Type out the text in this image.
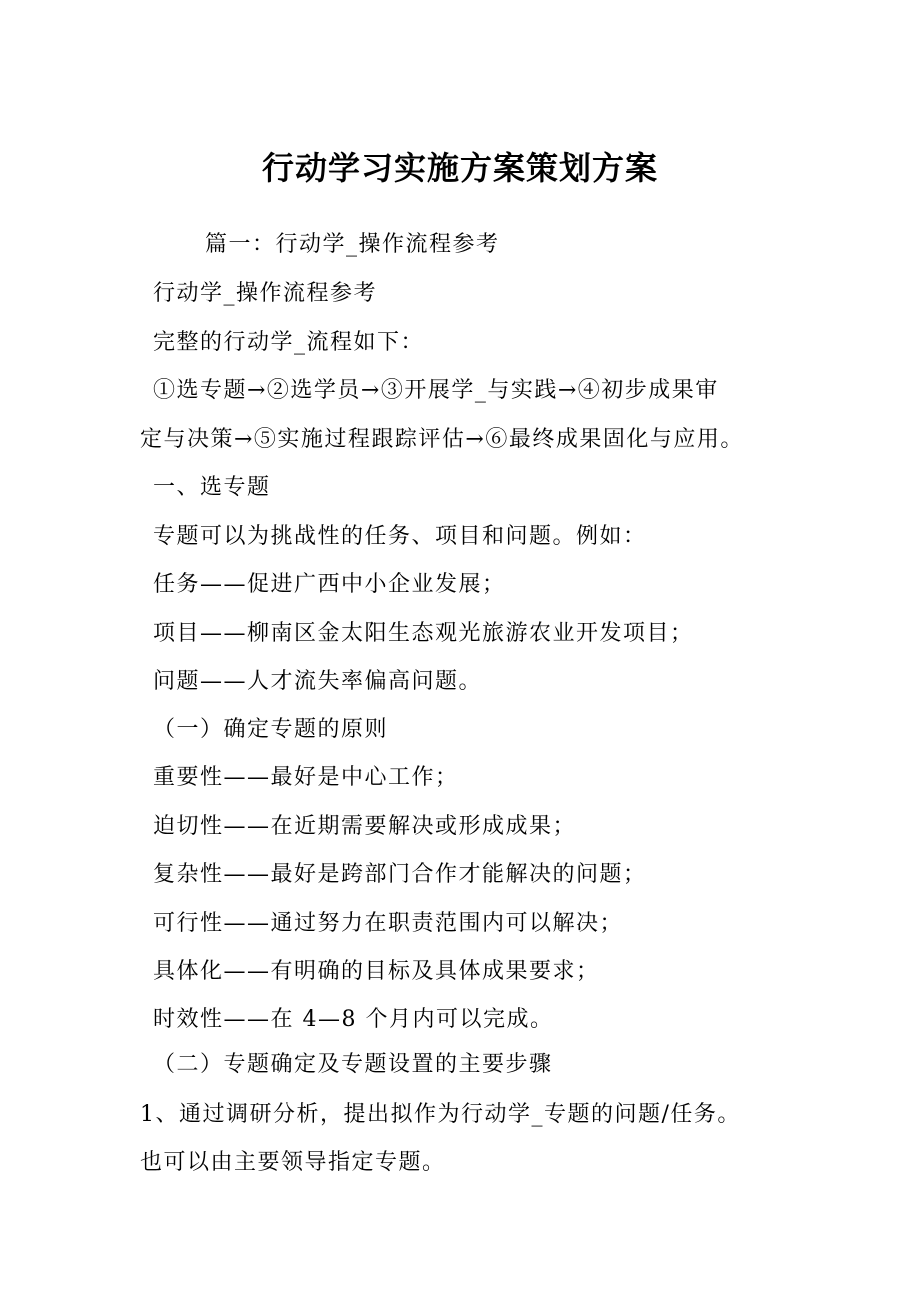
行动学习实施方案策划方案
篇一：行动学_操作流程参考
行动学_操作流程参考
完整的行动学_流程如下：
①选专题→②选学员→③开展学_与实践→④初步成果审
定与决策→⑤实施过程跟踪评估→⑥最终成果固化与应用。
一、选专题
专题可以为挑战性的任务、项目和问题。例如：
任务——促进广西中小企业发展；
项目——柳南区金太阳生态观光旅游农业开发项目；
问题——人才流失率偏高问题。
（一）确定专题的原则
重要性——最好是中心工作；
迫切性——在近期需要解决或形成成果；
复杂性——最好是跨部门合作才能解决的问题；
可行性——通过努力在职责范围内可以解决；
具体化——有明确的目标及具体成果要求；
时效性——在 4—8 个月内可以完成。
（二）专题确定及专题设置的主要步骤
1、通过调研分析，提出拟作为行动学_专题的问题/任务。
也可以由主要领导指定专题。
